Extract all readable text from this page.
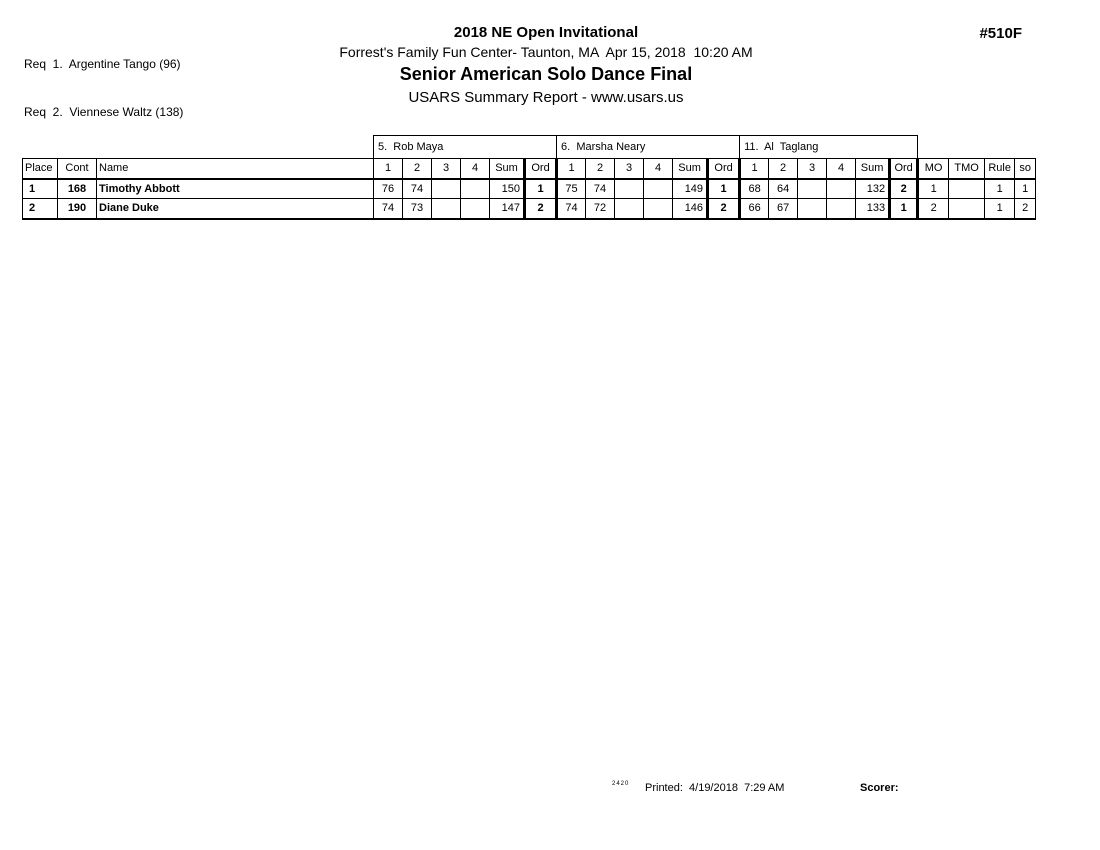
Req  1.  Argentine Tango (96)

Req  2.  Viennese Waltz (138)

2018 NE Open Invitational
Forrest's Family Fun Center- Taunton, MA  Apr 15, 2018  10:20 AM
Senior American Solo Dance Final
USARS Summary Report - www.usars.us
#510F
			5.  Rob Maya						6.  Marsha Neary						11.  Al  Taglang									
Place	Cont	Name	1	2	3	4	Sum	Ord	1	2	3	4	Sum	Ord	1	2	3	4	Sum	Ord	MO	TMO	Rule	so
1	168	Timothy Abbott	76	74			150	1	75	74			149	1	68	64			132	2	1		1	1
2	190	Diane Duke	74	73			147	2	74	72			146	2	66	67			133	1	2		1	2
2420 Printed:  4/19/2018  7:29 AM	Scorer:
